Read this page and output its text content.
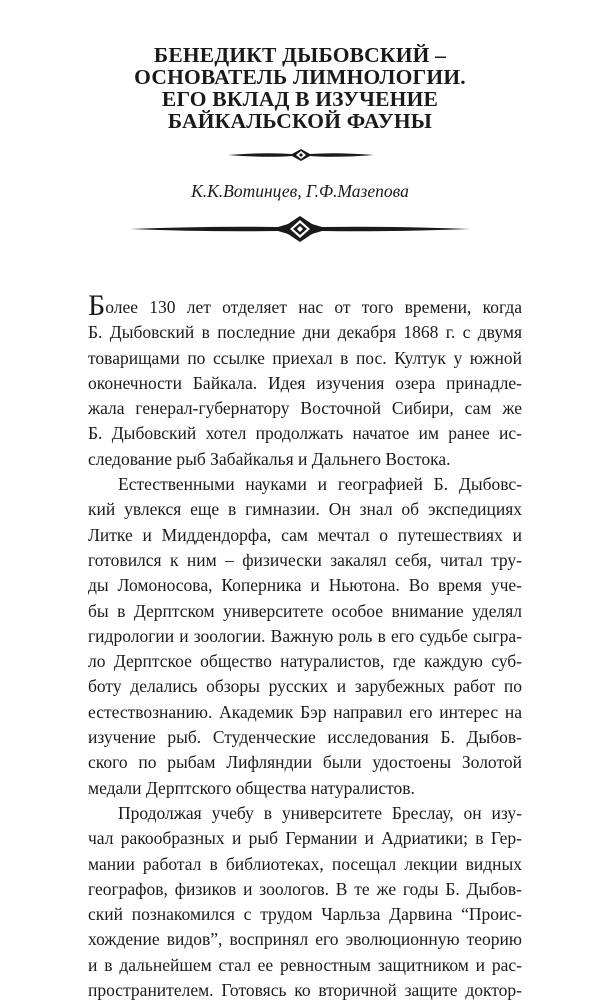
БЕНЕДИКТ ДЫБОВСКИЙ –
ОСНОВАТЕЛЬ ЛИМНОЛОГИИ.
ЕГО ВКЛАД В ИЗУЧЕНИЕ
БАЙКАЛЬСКОЙ ФАУНЫ
К.К.Вотинцев, Г.Ф.Мазепова
Более 130 лет отделяет нас от того времени, когда
Б. Дыбовский в последние дни декабря 1868 г. с двумя
товарищами по ссылке приехал в пос. Култук у южной
оконечности Байкала. Идея изучения озера принадле-
жала генерал-губернатору Восточной Сибири, сам же
Б. Дыбовский хотел продолжать начатое им ранее ис-
следование рыб Забайкалья и Дальнего Востока.
Естественными науками и географией Б. Дыбовс-
кий увлекся еще в гимназии. Он знал об экспедициях
Литке и Миддендорфа, сам мечтал о путешествиях и
готовился к ним – физически закалял себя, читал тру-
ды Ломоносова, Коперника и Ньютона. Во время уче-
бы в Дерптском университете особое внимание уделял
гидрологии и зоологии. Важную роль в его судьбе сыгра-
ло Дерптское общество натуралистов, где каждую суб-
боту делались обзоры русских и зарубежных работ по
естествознанию. Академик Бэр направил его интерес на
изучение рыб. Студенческие исследования Б. Дыбов-
ского по рыбам Лифляндии были удостоены Золотой
медали Дерптского общества натуралистов.
Продолжая учебу в университете Бреслау, он изу-
чал ракообразных и рыб Германии и Адриатики; в Гер-
мании работал в библиотеках, посещал лекции видных
географов, физиков и зоологов. В те же годы Б. Дыбов-
ский познакомился с трудом Чарльза Дарвина “Проис-
хождение видов”, воспринял его эволюционную теорию
и в дальнейшем стал ее ревностным защитником и рас-
пространителем. Готовясь ко вторичной защите доктор-
